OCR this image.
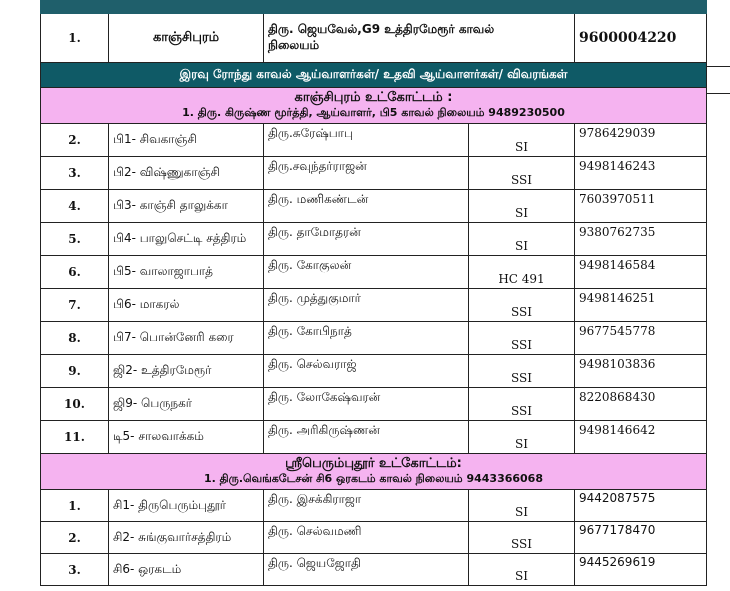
1.	காஞ்சிபுரம்	திரு. ஜெயவேல்,G9 உத்திரமேரூர் காவல்
நிலையம்		9600004220
இரவு ரோந்து காவல் ஆய்வாளர்கள்/ உதவி ஆய்வாளர்கள்/ விவரங்கள்				

காஞ்சிபுரம் உட்கோட்டம் :
1. திரு. கிருஷ்ண மூர்த்தி, ஆய்வாளர், பி5 காவல் நிலையம் 9489230500				

2.	பி1- சிவகாஞ்சி	திரு.சுரேஷ்பாபு	SI	9786429039
3.	பி2- விஷ்ணுகாஞ்சி	திரு.சவுந்தர்ராஜன்	SSI	9498146243
4.	பி3- காஞ்சி தாலுக்கா	திரு. மணிகண்டன்	SI	7603970511
5.	பி4- பாலுசெட்டி சத்திரம்	திரு. தாமோதரன்	SI	9380762735
6.	பி5- வாலாஜாபாத்	திரு. கோகுலன்	HC 491	9498146584
7.	பி6- மாகரல்	திரு. முத்துகுமார்	SSI	9498146251
8.	பி7- பொன்னேரி கரை	திரு. கோபிநாத்	SSI	9677545778
9.	ஜி2- உத்திரமேரூர்	திரு. செல்வராஜ்	SSI	9498103836
10.	ஜி9- பெருநகர்	திரு. லோகேஷ்வரன்	SSI	8220868430
11.	டி5- சாலவாக்கம்	திரு. அரிகிருஷ்ணன்	SI	9498146642

ஸ்ரீபெரும்புதூர் உட்கோட்டம்:
1. திரு.வெங்கடேசன் சி6 ஒரகடம் காவல் நிலையம் 9443366068				

1.	சி1- திருபெரும்புதூர்	திரு. இசக்கிராஜா	SI	9442087575
2.	சி2- சுங்குவார்சத்திரம்	திரு. செல்வமணி	SSI	9677178470
3.	சி6- ஒரகடம்	திரு. ஜெயஜோதி	SI	9445269619
